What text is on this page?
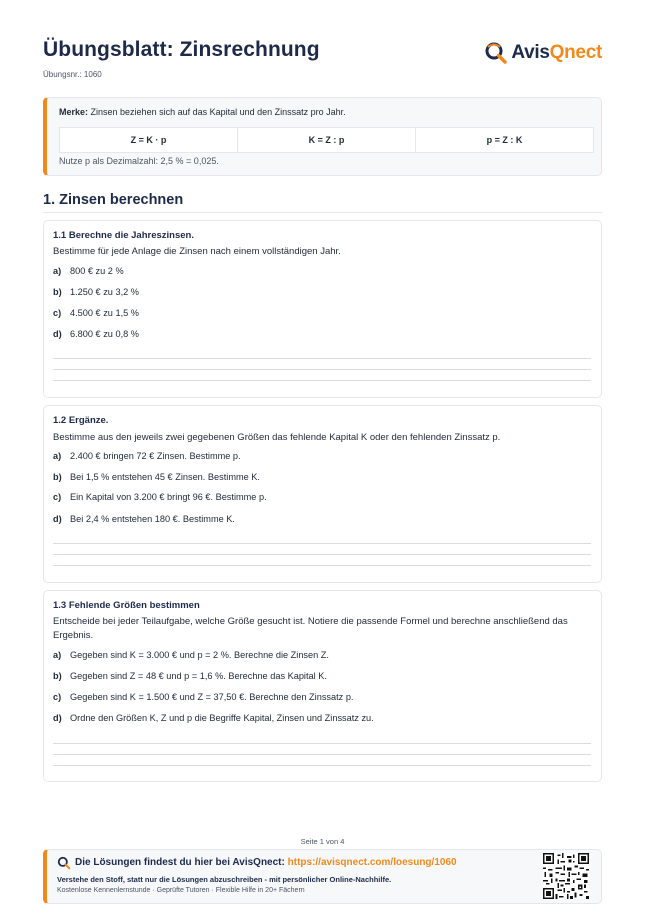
Übungsblatt: Zinsrechnung
Übungsnr.: 1060
AvisQnect
Merke: Zinsen beziehen sich auf das Kapital und den Zinssatz pro Jahr.
Z = K · p	K = Z : p	p = Z : K
Nutze p als Dezimalzahl: 2,5 % = 0,025.
1. Zinsen berechnen
1.1 Berechne die Jahreszinsen.
Bestimme für jede Anlage die Zinsen nach einem vollständigen Jahr.
a) 800 € zu 2 %
b) 1.250 € zu 3,2 %
c) 4.500 € zu 1,5 %
d) 6.800 € zu 0,8 %
1.2 Ergänze.
Bestimme aus den jeweils zwei gegebenen Größen das fehlende Kapital K oder den fehlenden Zinssatz p.
a) 2.400 € bringen 72 € Zinsen. Bestimme p.
b) Bei 1,5 % entstehen 45 € Zinsen. Bestimme K.
c) Ein Kapital von 3.200 € bringt 96 €. Bestimme p.
d) Bei 2,4 % entstehen 180 €. Bestimme K.
1.3 Fehlende Größen bestimmen
Entscheide bei jeder Teilaufgabe, welche Größe gesucht ist. Notiere die passende Formel und berechne anschließend das Ergebnis.
a) Gegeben sind K = 3.000 € und p = 2 %. Berechne die Zinsen Z.
b) Gegeben sind Z = 48 € und p = 1,6 %. Berechne das Kapital K.
c) Gegeben sind K = 1.500 € und Z = 37,50 €. Berechne den Zinssatz p.
d) Ordne den Größen K, Z und p die Begriffe Kapital, Zinsen und Zinssatz zu.
Seite 1 von 4
Die Lösungen findest du hier bei AvisQnect: https://avisqnect.com/loesung/1060
Verstehe den Stoff, statt nur die Lösungen abzuschreiben - mit persönlicher Online-Nachhilfe.
Kostenlose Kennenlernstunde · Geprüfte Tutoren · Flexible Hilfe in 20+ Fächern
